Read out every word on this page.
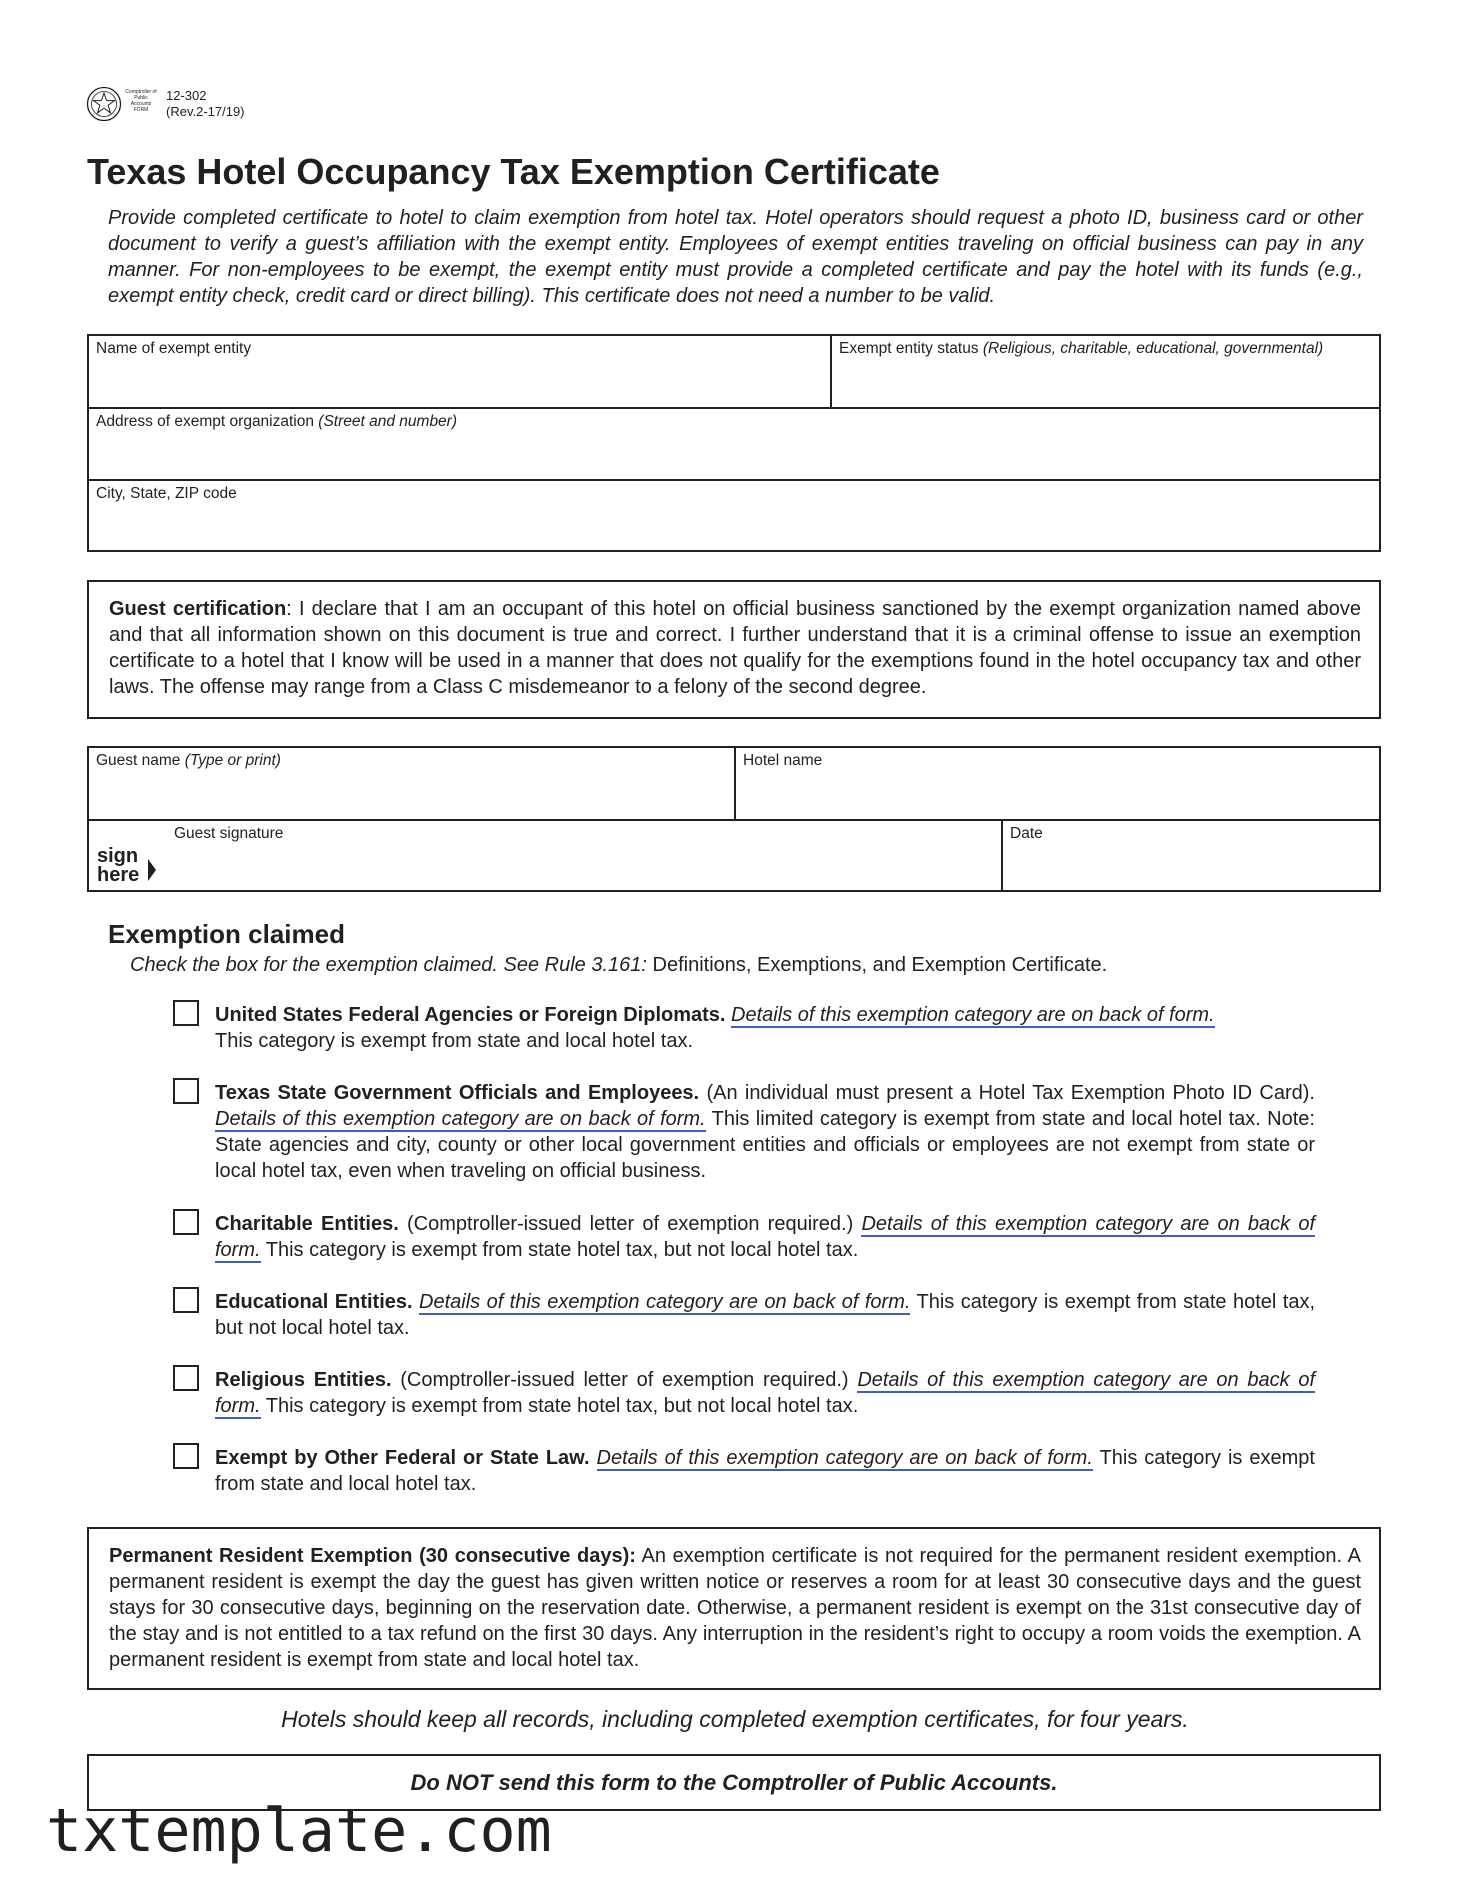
Comptroller of Public Accounts FORM
12-302
(Rev.2-17/19)
Texas Hotel Occupancy Tax Exemption Certificate

Provide completed certificate to hotel to claim exemption from hotel tax. Hotel operators should request a photo ID, business card or other document to verify a guest’s affiliation with the exempt entity. Employees of exempt entities traveling on official business can pay in any manner. For non-employees to be exempt, the exempt entity must provide a completed certificate and pay the hotel with its funds (e.g., exempt entity check, credit card or direct billing). This certificate does not need a number to be valid.

Name of exempt entity	Exempt entity status (Religious, charitable, educational, governmental)
Address of exempt organization (Street and number)
City, State, ZIP code

Guest certification: I declare that I am an occupant of this hotel on official business sanctioned by the exempt organization named above and that all information shown on this document is true and correct. I further understand that it is a criminal offense to issue an exemption certificate to a hotel that I know will be used in a manner that does not qualify for the exemptions found in the hotel occupancy tax and other laws. The offense may range from a Class C misdemeanor to a felony of the second degree.

Guest name (Type or print)	Hotel name
Guest signature
sign
here
Date
Exemption claimed

Check the box for the exemption claimed. See Rule 3.161: Definitions, Exemptions, and Exemption Certificate.

United States Federal Agencies or Foreign Diplomats. Details of this exemption category are on back of form.
This category is exempt from state and local hotel tax.

Texas State Government Officials and Employees. (An individual must present a Hotel Tax Exemption Photo ID Card). Details of this exemption category are on back of form. This limited category is exempt from state and local hotel tax. Note: State agencies and city, county or other local government entities and officials or employees are not exempt from state or local hotel tax, even when traveling on official business.

Charitable Entities. (Comptroller-issued letter of exemption required.) Details of this exemption category are on back of form. This category is exempt from state hotel tax, but not local hotel tax.

Educational Entities. Details of this exemption category are on back of form. This category is exempt from state hotel tax, but not local hotel tax.

Religious Entities. (Comptroller-issued letter of exemption required.) Details of this exemption category are on back of form. This category is exempt from state hotel tax, but not local hotel tax.

Exempt by Other Federal or State Law. Details of this exemption category are on back of form. This category is exempt from state and local hotel tax.

Permanent Resident Exemption (30 consecutive days): An exemption certificate is not required for the permanent resident exemption. A permanent resident is exempt the day the guest has given written notice or reserves a room for at least 30 consecutive days and the guest stays for 30 consecutive days, beginning on the reservation date. Otherwise, a permanent resident is exempt on the 31st consecutive day of the stay and is not entitled to a tax refund on the first 30 days. Any interruption in the resident’s right to occupy a room voids the exemption. A permanent resident is exempt from state and local hotel tax.

Hotels should keep all records, including completed exemption certificates, for four years.

Do NOT send this form to the Comptroller of Public Accounts.

txtemplate.com
